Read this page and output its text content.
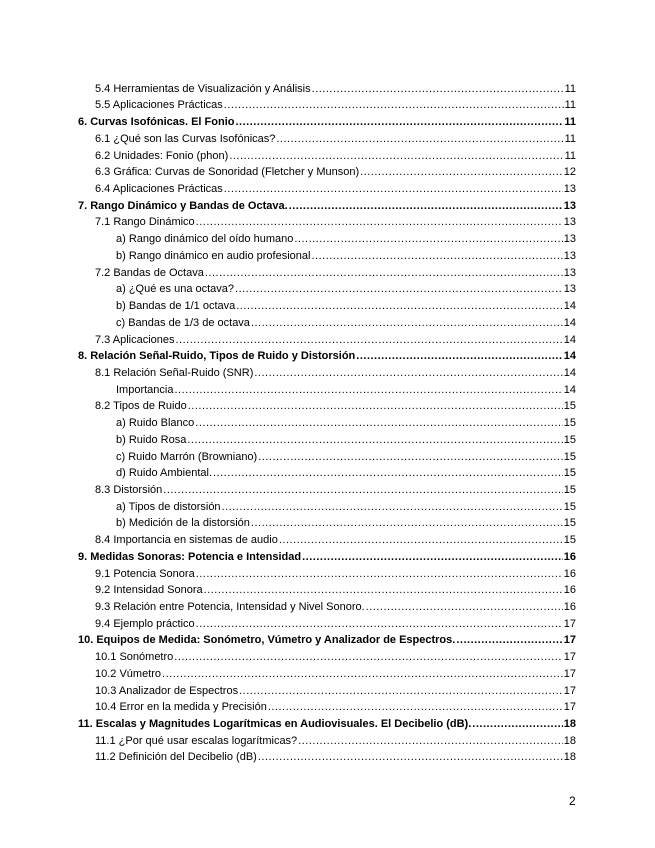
5.4 Herramientas de Visualización y Análisis .....	11
5.5 Aplicaciones Prácticas .....	11
6. Curvas Isofónicas. El Fonio .....	11
6.1 ¿Qué son las Curvas Isofónicas? .....	11
6.2 Unidades: Fonio (phon) .....	11
6.3 Gráfica: Curvas de Sonoridad (Fletcher y Munson) .....	12
6.4 Aplicaciones Prácticas .....	13
7. Rango Dinámico y Bandas de Octava. .....	13
7.1 Rango Dinámico .....	13
a) Rango dinámico del oído humano .....	13
b) Rango dinámico en audio profesional .....	13
7.2 Bandas de Octava .....	13
a) ¿Qué es una octava? .....	13
b) Bandas de 1/1 octava .....	14
c) Bandas de 1/3 de octava .....	14
7.3 Aplicaciones .....	14
8. Relación Señal-Ruido, Tipos de Ruido y Distorsión .....	14
8.1 Relación Señal-Ruido (SNR) .....	14
Importancia .....	14
8.2 Tipos de Ruido .....	15
a) Ruido Blanco .....	15
b) Ruido Rosa .....	15
c) Ruido Marrón (Browniano) .....	15
d) Ruido Ambiental. .....	15
8.3 Distorsión .....	15
a) Tipos de distorsión .....	15
b) Medición de la distorsión .....	15
8.4 Importancia en sistemas de audio .....	15
9. Medidas Sonoras: Potencia e Intensidad .....	16
9.1 Potencia Sonora .....	16
9.2 Intensidad Sonora .....	16
9.3 Relación entre Potencia, Intensidad y Nivel Sonoro. .....	16
9.4 Ejemplo práctico .....	17
10. Equipos de Medida: Sonómetro, Vúmetro y Analizador de Espectros. .....	17
10.1 Sonómetro .....	17
10.2 Vúmetro .....	17
10.3 Analizador de Espectros .....	17
10.4 Error en la medida y Precisión .....	17
11. Escalas y Magnitudes Logarítmicas en Audiovisuales. El Decibelio (dB). .....	18
11.1 ¿Por qué usar escalas logarítmicas? .....	18
11.2 Definición del Decibelio (dB) .....	18
2
